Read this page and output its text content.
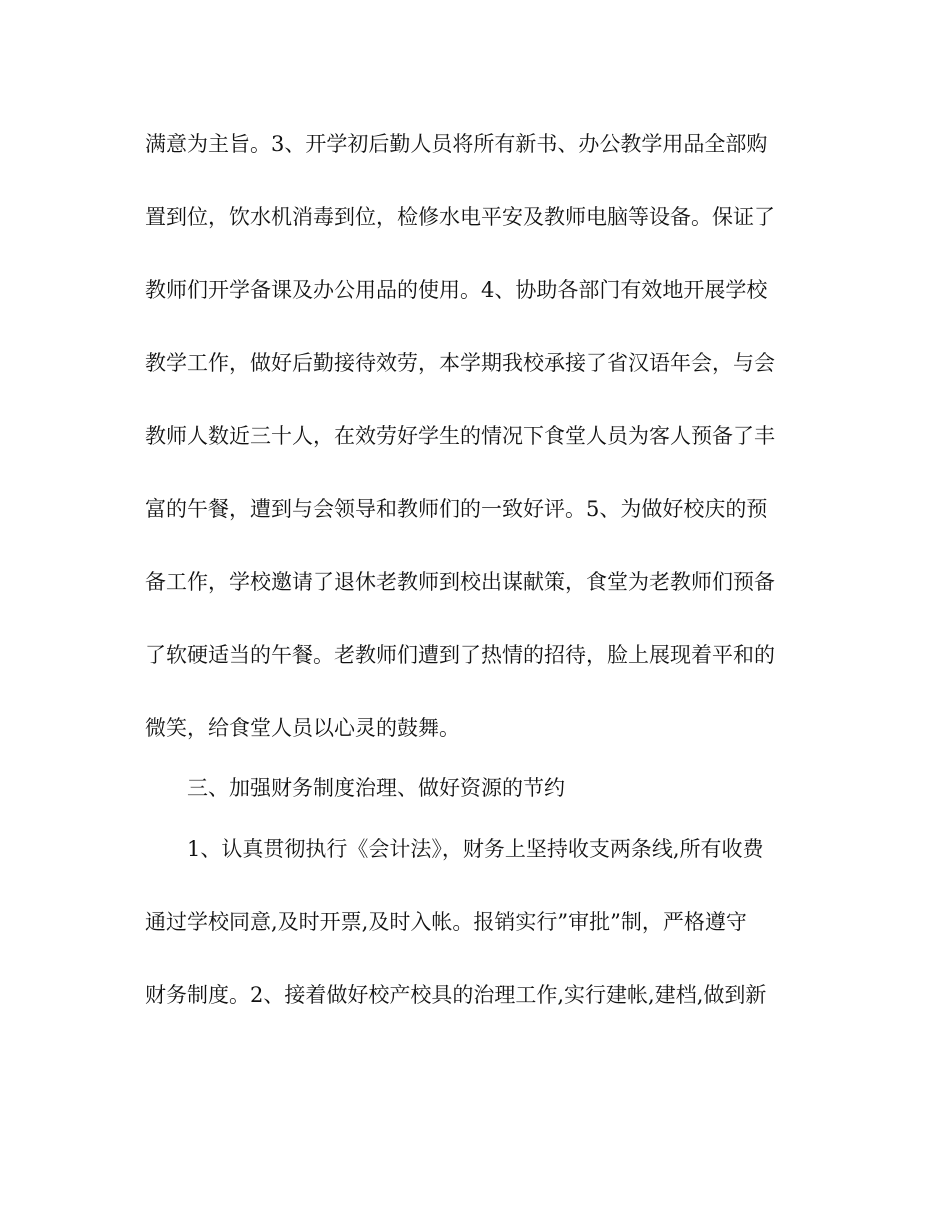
满意为主旨。3、开学初后勤人员将所有新书、办公教学用品全部购
置到位，饮水机消毒到位，检修水电平安及教师电脑等设备。保证了
教师们开学备课及办公用品的使用。4、协助各部门有效地开展学校
教学工作，做好后勤接待效劳，本学期我校承接了省汉语年会，与会
教师人数近三十人，在效劳好学生的情况下食堂人员为客人预备了丰
富的午餐，遭到与会领导和教师们的一致好评。5、为做好校庆的预
备工作，学校邀请了退休老教师到校出谋献策，食堂为老教师们预备
了软硬适当的午餐。老教师们遭到了热情的招待，脸上展现着平和的
微笑，给食堂人员以心灵的鼓舞。
三、加强财务制度治理、做好资源的节约
1、认真贯彻执行《会计法》，财务上坚持收支两条线,所有收费
通过学校同意,及时开票,及时入帐。报销实行”审批”制，严格遵守
财务制度。2、接着做好校产校具的治理工作,实行建帐,建档,做到新
